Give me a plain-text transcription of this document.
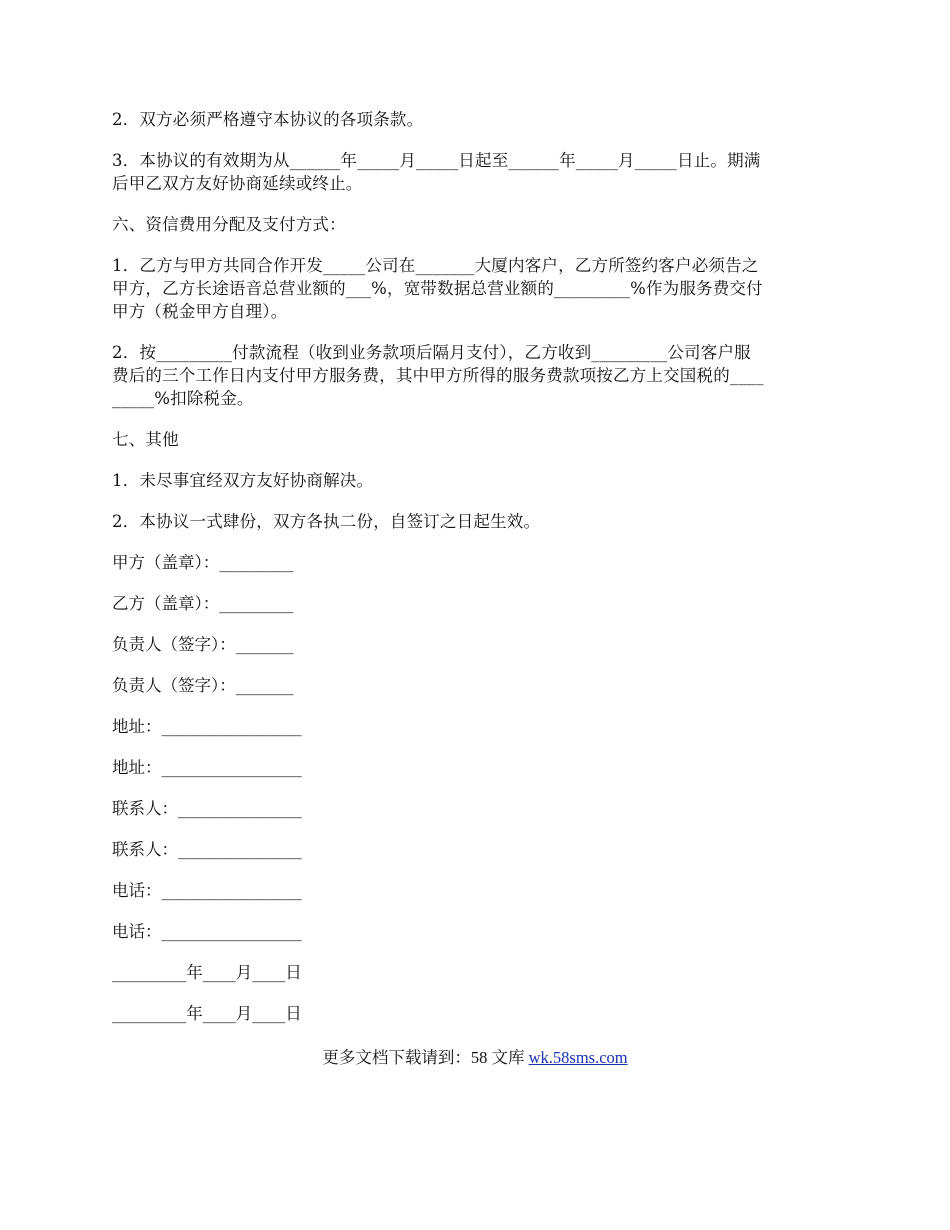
2．双方必须严格遵守本协议的各项条款。

3．本协议的有效期为从______年_____月_____日起至______年_____月_____日止。期满
后甲乙双方友好协商延续或终止。

六、资信费用分配及支付方式：

1．乙方与甲方共同合作开发_____公司在_______大厦内客户，乙方所签约客户必须告之
甲方，乙方长途语音总营业额的___%，宽带数据总营业额的_________%作为服务费交付
甲方（税金甲方自理）。

2．按_________付款流程（收到业务款项后隔月支付），乙方收到_________公司客户服
费后的三个工作日内支付甲方服务费，其中甲方所得的服务费款项按乙方上交国税的____
_____%扣除税金。

七、其他

1．未尽事宜经双方友好协商解决。

2．本协议一式肆份，双方各执二份，自签订之日起生效。

甲方（盖章）：_________

乙方（盖章）：_________

负责人（签字）：_______

负责人（签字）：_______

地址：_________________

地址：_________________

联系人：_______________

联系人：_______________

电话：_________________

电话：_________________

_________年____月____日

_________年____月____日

更多文档下载请到：58 文库 wk.58sms.com
